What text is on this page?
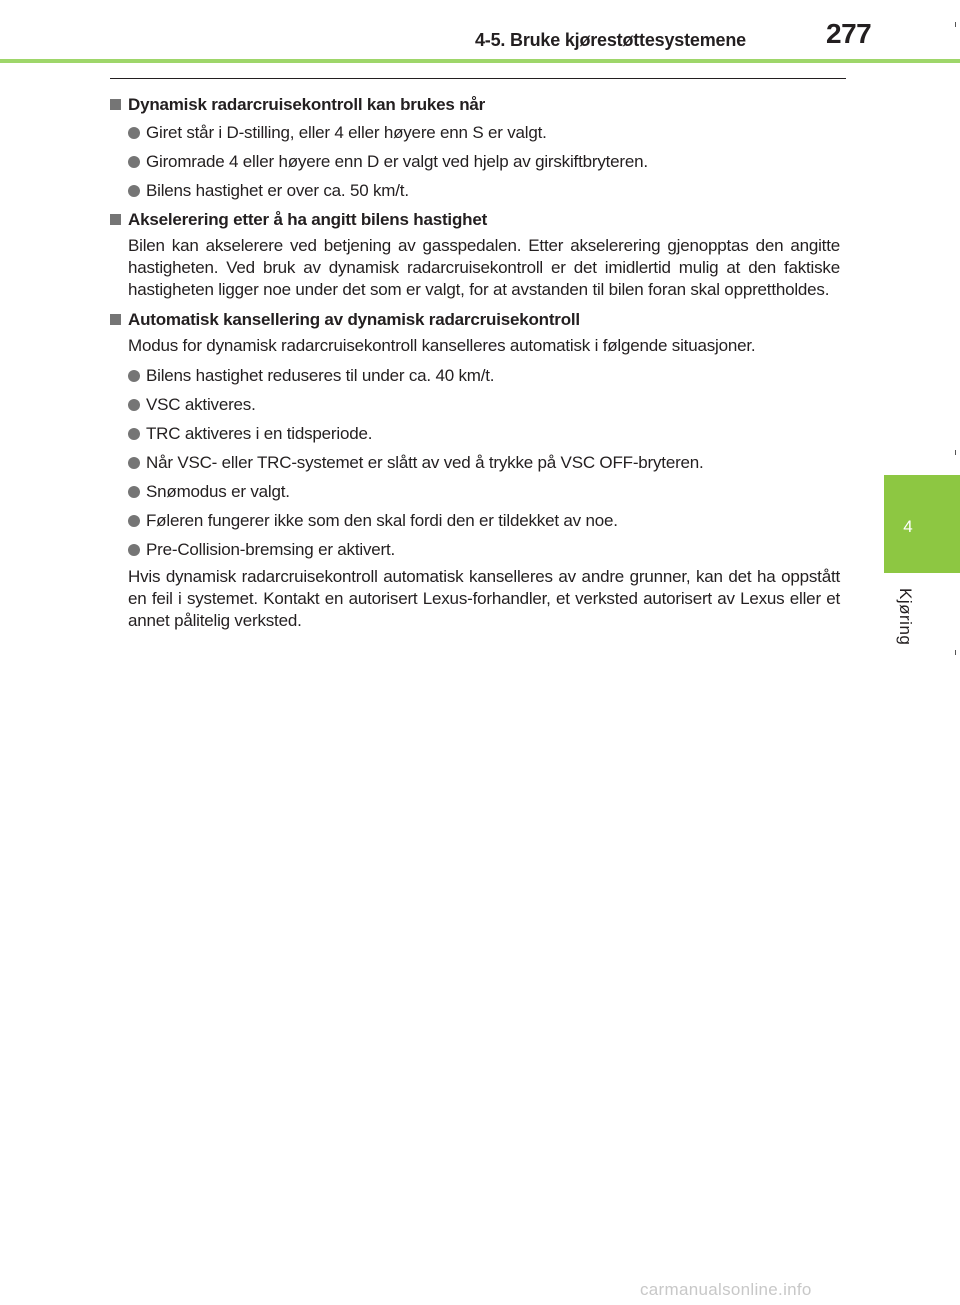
4-5. Bruke kjørestøttesystemene	277
4
Kjøring
Dynamisk radarcruisekontroll kan brukes når
Giret står i D-stilling, eller 4 eller høyere enn S er valgt.
Giromrade 4 eller høyere enn D er valgt ved hjelp av girskiftbryteren.
Bilens hastighet er over ca. 50 km/t.
Akselerering etter å ha angitt bilens hastighet

Bilen kan akselerere ved betjening av gasspedalen. Etter akselerering gjenopptas den angitte hastigheten. Ved bruk av dynamisk radarcruisekontroll er det imidlertid mulig at den faktiske hastigheten ligger noe under det som er valgt, for at avstanden til bilen foran skal opprettholdes.

Automatisk kansellering av dynamisk radarcruisekontroll

Modus for dynamisk radarcruisekontroll kanselleres automatisk i følgende situasjoner.

Bilens hastighet reduseres til under ca. 40 km/t.
VSC aktiveres.
TRC aktiveres i en tidsperiode.
Når VSC- eller TRC-systemet er slått av ved å trykke på VSC OFF-bryteren.
Snømodus er valgt.
Føleren fungerer ikke som den skal fordi den er tildekket av noe.
Pre-Collision-bremsing er aktivert.

Hvis dynamisk radarcruisekontroll automatisk kanselleres av andre grunner, kan det ha oppstått en feil i systemet. Kontakt en autorisert Lexus-forhandler, et verksted autorisert av Lexus eller et annet pålitelig verksted.

carmanualsonline.info
